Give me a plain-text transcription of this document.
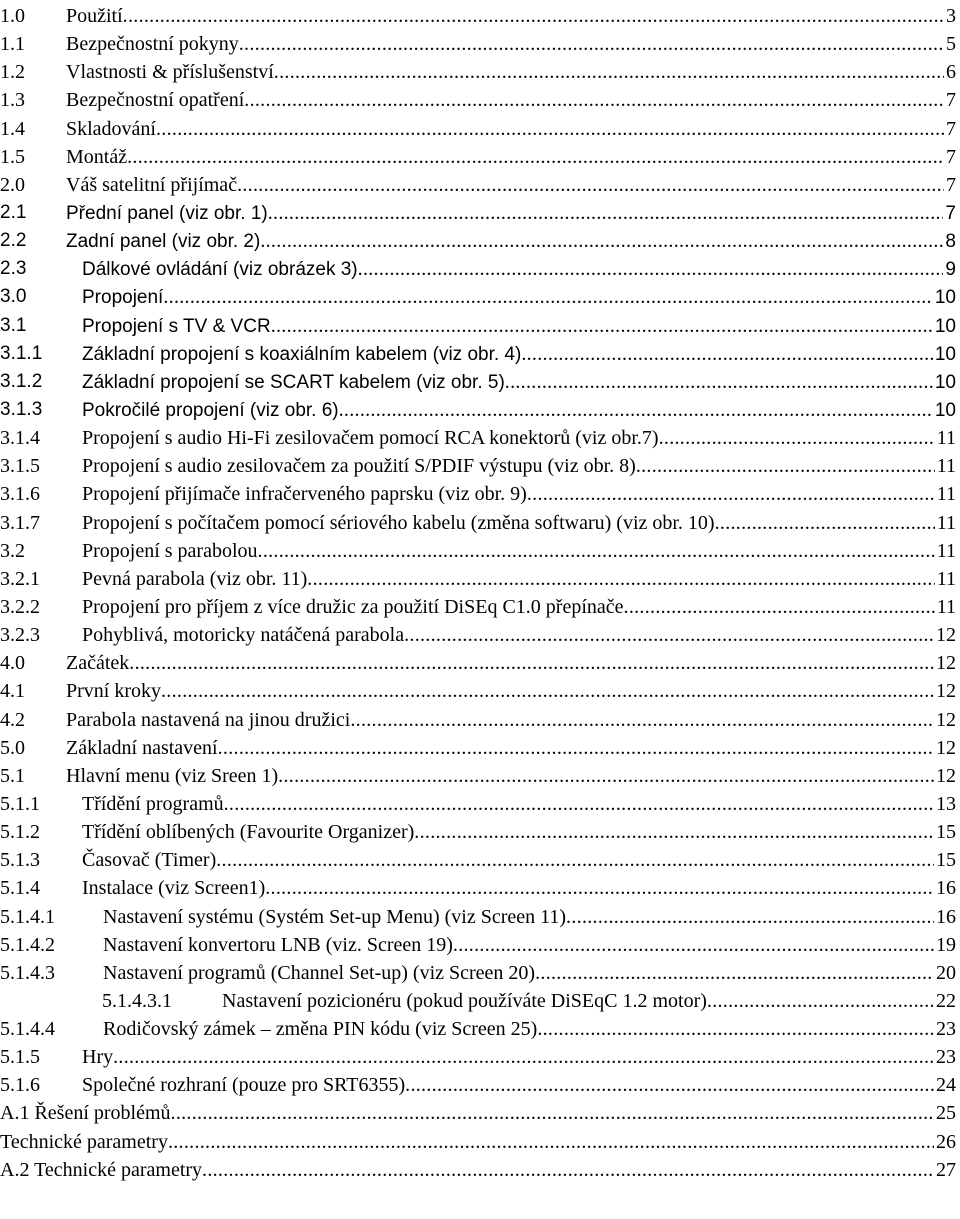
1.0 Použití .....	3
1.1 Bezpečnostní pokyny .....	5
1.2 Vlastnosti & příslušenství .....	6
1.3 Bezpečnostní opatření .....	7
1.4 Skladování .....	7
1.5 Montáž .....	7
2.0 Váš satelitní přijímač .....	7
2.1 Přední panel (viz obr. 1) .....	7
2.2 Zadní panel (viz obr. 2) .....	8
2.3	Dálkové ovládání (viz obrázek 3) .....	9
3.0	Propojení .....	10
3.1	Propojení s TV & VCR .....	10
3.1.1 Základní propojení s koaxiálním kabelem (viz obr. 4) .....	10
3.1.2 Základní propojení se SCART kabelem (viz obr. 5) .....	10
3.1.3 Pokročilé propojení (viz obr. 6) .....	10
3.1.4 Propojení s audio Hi-Fi zesilovačem pomocí RCA konektorů (viz obr.7) .....	11
3.1.5 Propojení s audio zesilovačem za použití S/PDIF výstupu (viz obr. 8) .....	11
3.1.6 Propojení přijímače infračerveného paprsku (viz obr. 9) .....	11
3.1.7 Propojení s počítačem pomocí sériového kabelu (změna softwaru) (viz obr. 10) .....	11
3.2	Propojení s parabolou .....	11
3.2.1 Pevná parabola (viz obr. 11) .....	11
3.2.2 Propojení pro příjem z více družic za použití DiSEq C1.0 přepínače .....	11
3.2.3 Pohyblivá, motoricky natáčená parabola .....	12
4.0 Začátek .....	12
4.1 První kroky .....	12
4.2 Parabola nastavená na jinou družici .....	12
5.0 Základní nastavení .....	12
5.1 Hlavní menu (viz Sreen 1) .....	12
5.1.1 Třídění programů .....	13
5.1.2 Třídění oblíbených (Favourite Organizer) .....	15
5.1.3 Časovač (Timer) .....	15
5.1.4 Instalace (viz Screen1) .....	16
5.1.4.1 Nastavení systému (Systém Set-up Menu) (viz Screen 11) .....	16
5.1.4.2 Nastavení konvertoru LNB (viz. Screen 19) .....	19
5.1.4.3 Nastavení programů (Channel Set-up) (viz Screen 20) .....	20
5.1.4.3.1	Nastavení pozicionéru (pokud používáte DiSEqC 1.2 motor) .....	22
5.1.4.4 Rodičovský zámek – změna PIN kódu (viz Screen 25) .....	23
5.1.5 Hry .....	23
5.1.6 Společné rozhraní (pouze pro SRT6355) .....	24
A.1 Řešení problémů .....	25
Technické parametry .....	26
A.2 Technické parametry .....	27
